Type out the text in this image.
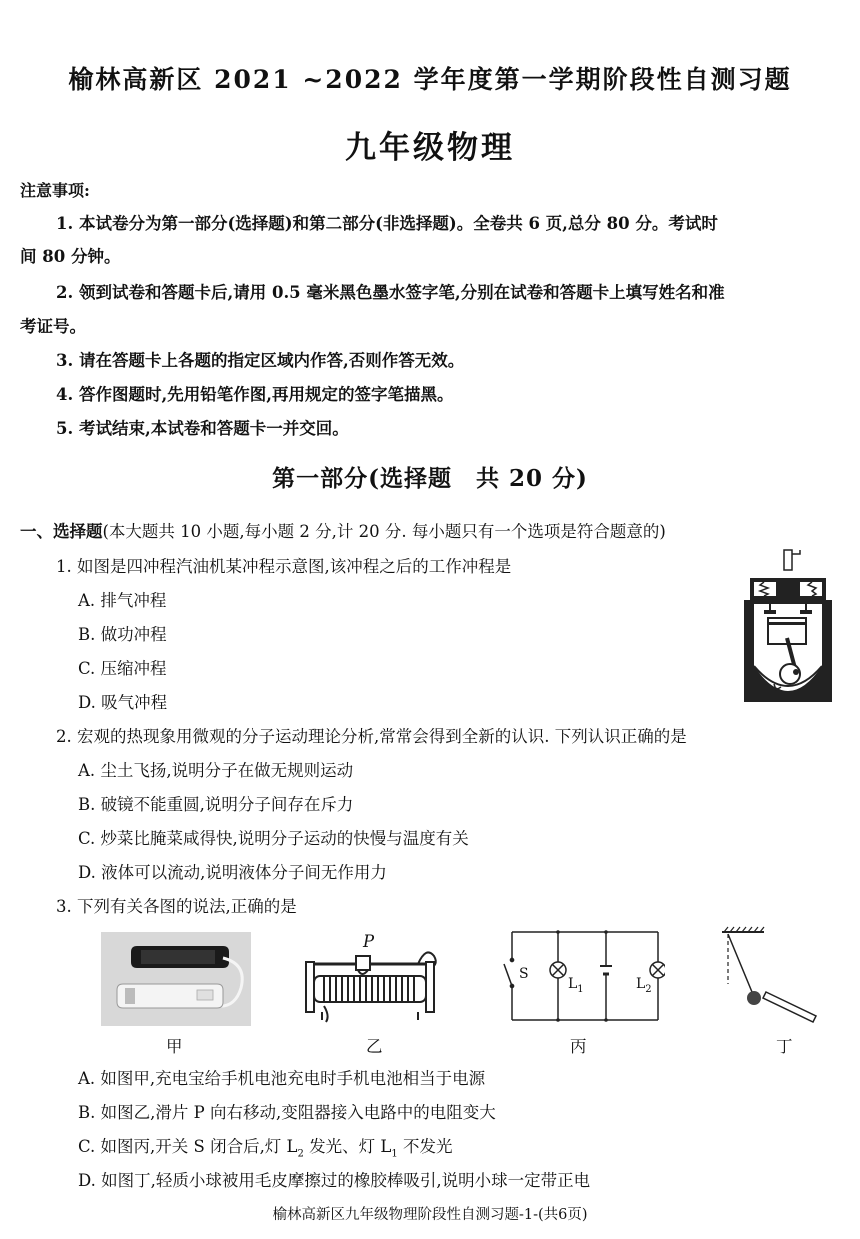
榆林高新区 2021 ~2022 学年度第一学期阶段性自测习题
九年级物理
注意事项:
1. 本试卷分为第一部分(选择题)和第二部分(非选择题)。全卷共 6 页,总分 80 分。考试时
间 80 分钟。
2. 领到试卷和答题卡后,请用 0.5 毫米黑色墨水签字笔,分别在试卷和答题卡上填写姓名和准
考证号。
3. 请在答题卡上各题的指定区域内作答,否则作答无效。
4. 答作图题时,先用铅笔作图,再用规定的签字笔描黑。
5. 考试结束,本试卷和答题卡一并交回。
第一部分(选择题　共 20 分)
一、选择题(本大题共 10 小题,每小题 2 分,计 20 分. 每小题只有一个选项是符合题意的)
1. 如图是四冲程汽油机某冲程示意图,该冲程之后的工作冲程是
A. 排气冲程
B. 做功冲程
C. 压缩冲程
D. 吸气冲程
2. 宏观的热现象用微观的分子运动理论分析,常常会得到全新的认识. 下列认识正确的是
A. 尘土飞扬,说明分子在做无规则运动
B. 破镜不能重圆,说明分子间存在斥力
C. 炒菜比腌菜咸得快,说明分子运动的快慢与温度有关
D. 液体可以流动,说明液体分子间无作用力
3. 下列有关各图的说法,正确的是
甲
P
乙
S
$L_1$	$L_2$
丙	丁
A. 如图甲,充电宝给手机电池充电时手机电池相当于电源
B. 如图乙,滑片 P 向右移动,变阻器接入电路中的电阻变大
C. 如图丙,开关 S 闭合后,灯 $L_2$ 发光、灯 $L_1$ 不发光
D. 如图丁,轻质小球被用毛皮摩擦过的橡胶棒吸引,说明小球一定带正电
榆林高新区九年级物理阶段性自测习题-1-(共6页)
